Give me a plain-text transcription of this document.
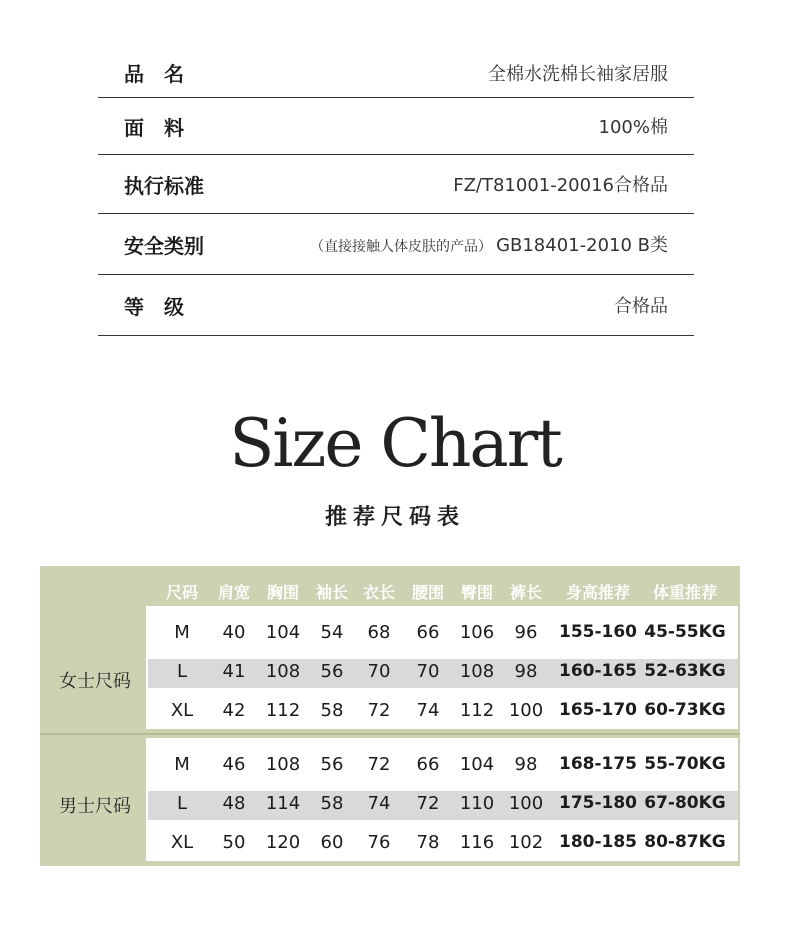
品　名	全棉水洗棉长袖家居服
面　料	100%棉
执行标准	FZ/T81001-20016合格品
安全类别	（直接接触人体皮肤的产品） GB18401-2010 B类
等　级	合格品
Size Chart
推荐尺码表
尺码	肩宽	胸围	袖长 衣长	腰围	臀围	裤长	身高推荐	体重推荐
女士尺码
M	40	104	54	68	66	106	96	155-160 45-55KG
L	41	108	56	70	70	108	98	160-165 52-63KG
XL	42	112	58	72	74	112 100 165-170 60-73KG
男士尺码
M	46	108	56	72	66	104	98	168-175 55-70KG
L	48	114	58	74	72	110 100 175-180 67-80KG
XL	50	120	60	76	78	116 102 180-185 80-87KG
